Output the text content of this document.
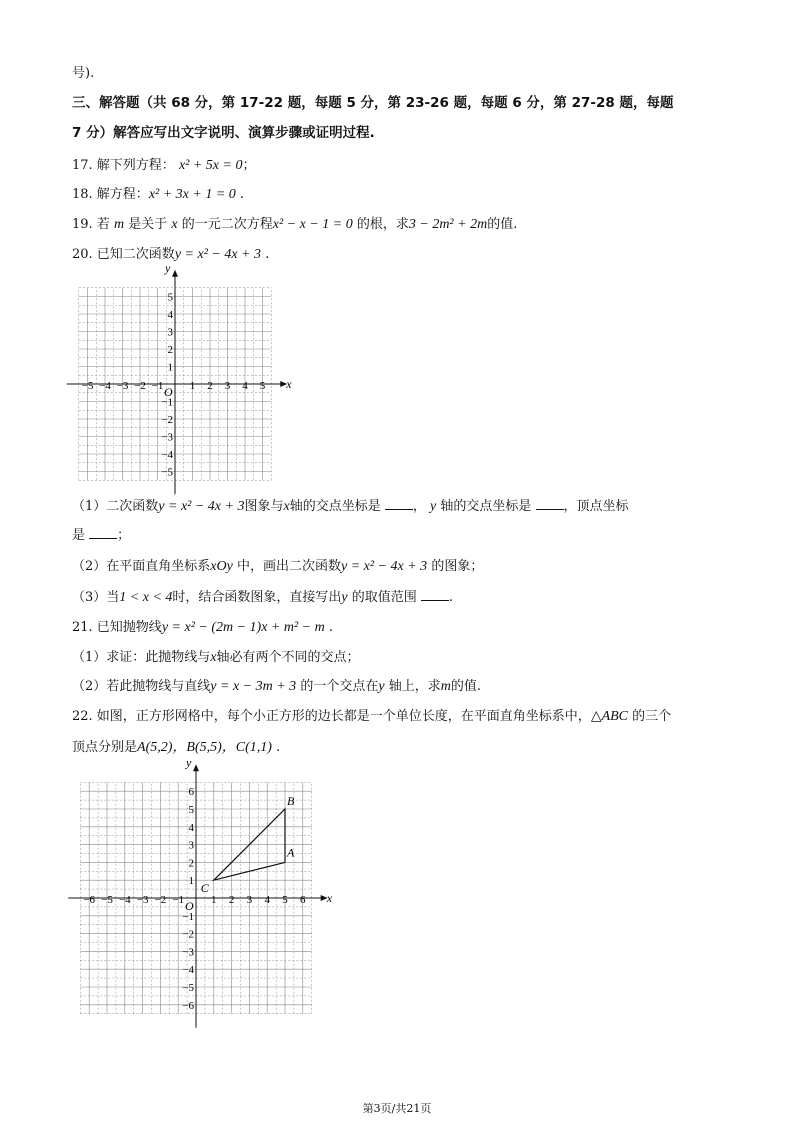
号).
三、解答题（共 68 分，第 17-22 题，每题 5 分，第 23-26 题，每题 6 分，第 27-28 题，每题
7 分）解答应写出文字说明、演算步骤或证明过程.
17. 解下列方程： x² + 5x = 0；
18. 解方程：x² + 3x + 1 = 0 .
19. 若 m 是关于 x 的一元二次方程x² − x − 1 = 0 的根，求3 − 2m² + 2m的值.
20. 已知二次函数y = x² − 4x + 3 .
−5 −4 −3 −2 −1 1 2 3 4 5
5
4
3
2
1
−1
−2
−3
−4
−5
x
y
O
（1）二次函数y = x² − 4x + 3图象与x轴的交点坐标是 ， y 轴的交点坐标是 ，顶点坐标
是 ；
（2）在平面直角坐标系xOy 中，画出二次函数y = x² − 4x + 3 的图象；
（3）当1 < x < 4时，结合函数图象，直接写出y 的取值范围 .
21. 已知抛物线y = x² − (2m − 1)x + m² − m .
（1）求证：此抛物线与x轴必有两个不同的交点；
（2）若此抛物线与直线y = x − 3m + 3 的一个交点在y 轴上，求m的值.
22. 如图，正方形网格中，每个小正方形的边长都是一个单位长度，在平面直角坐标系中，△ABC 的三个
顶点分别是A(5,2)，B(5,5)，C(1,1) .
−6 −5 −4 −3 −2 −1 1 2 3 4 5 6
6
5
4
3
2
1
−1
−2
−3
−4
−5
−6
x
y
O
A
B
C
第3页/共21页
